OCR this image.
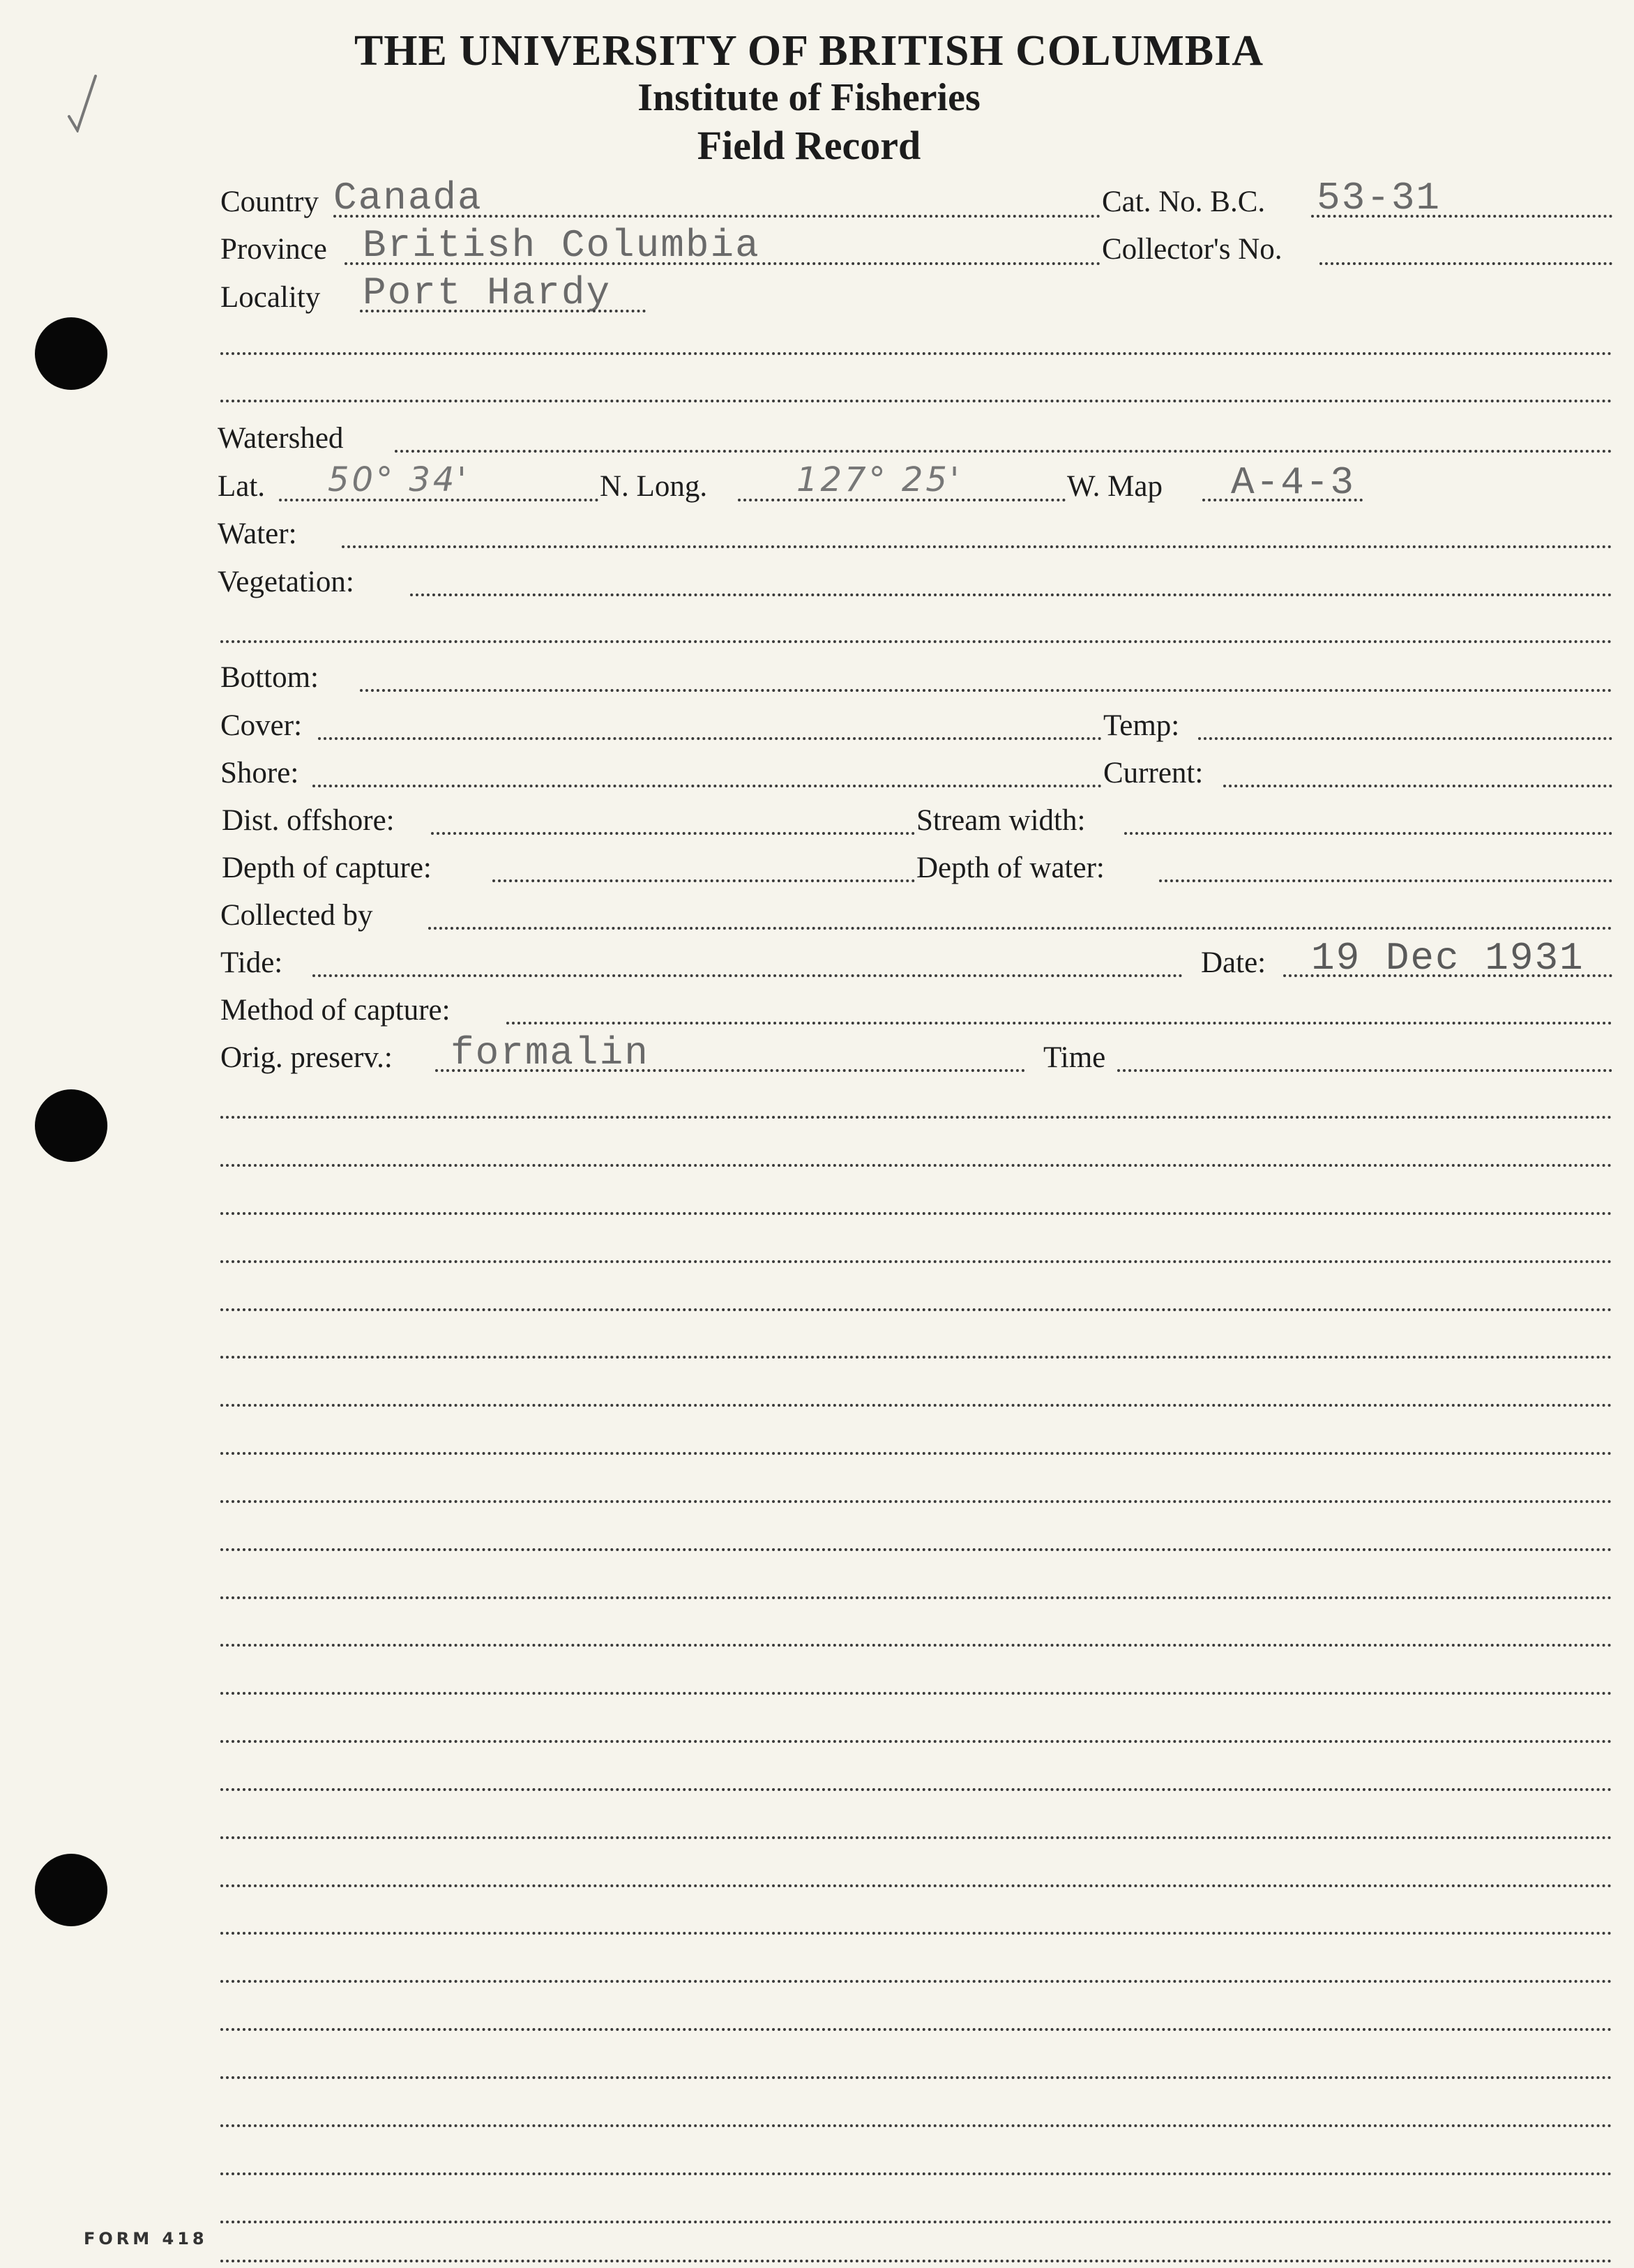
THE UNIVERSITY OF BRITISH COLUMBIA
Institute of Fisheries
Field Record
Country Canada	Cat. No. B.C. 53-31
Province British Columbia	Collector's No.
Locality Port Hardy
Watershed
Lat. 50° 34'	N. Long.	127° 25'	W. Map A-4-3
Water:
Vegetation:
Bottom:
Cover:	Temp:
Shore:	Current:
Dist. offshore:	Stream width:
Depth of capture:	Depth of water:
Collected by
Tide:	Date: 19 Dec 1931
Method of capture:
Orig. preserv.: formalin	Time
FORM 418
